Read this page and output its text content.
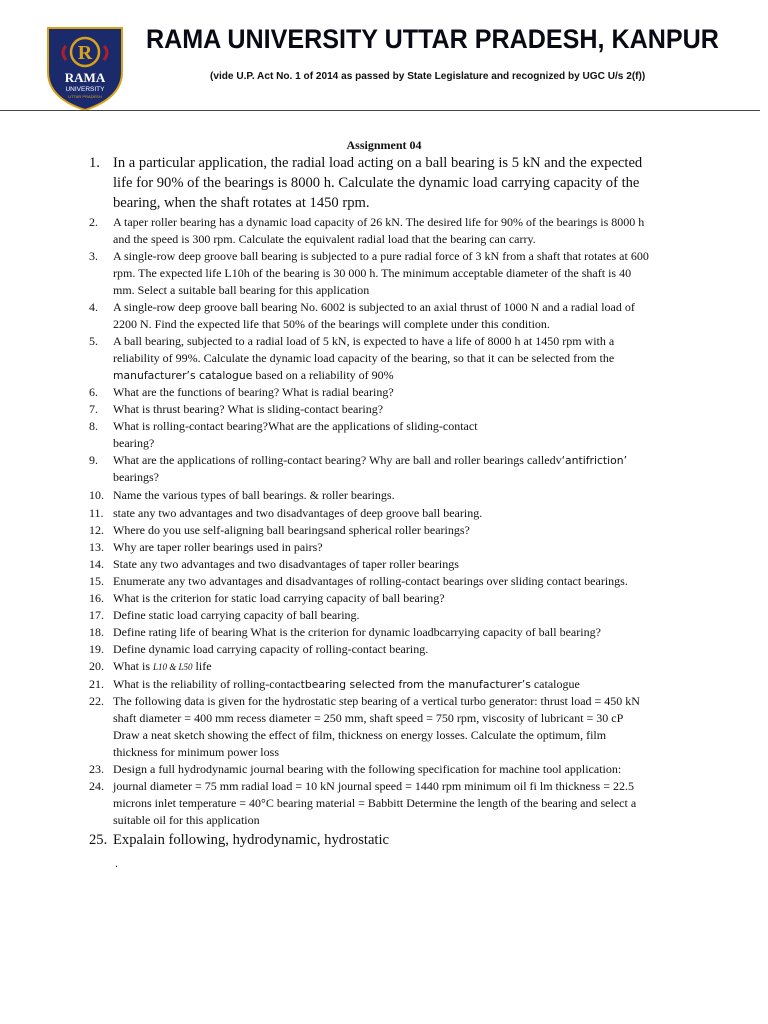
R
RAMA
UNIVERSITY
UTTAR PRADESH
RAMA UNIVERSITY UTTAR PRADESH, KANPUR
(vide U.P. Act No. 1 of 2014 as passed by State Legislature and recognized by UGC U/s 2(f))
Assignment 04
1. In a particular application, the radial load acting on a ball bearing is 5 kN and the expected
life for 90% of the bearings is 8000 h. Calculate the dynamic load carrying capacity of the
bearing, when the shaft rotates at 1450 rpm.
2.	A taper roller bearing has a dynamic load capacity of 26 kN. The desired life for 90% of the bearings is 8000 h
and the speed is 300 rpm. Calculate the equivalent radial load that the bearing can carry.
3.	A single-row deep groove ball bearing is subjected to a pure radial force of 3 kN from a shaft that rotates at 600
rpm. The expected life L10h of the bearing is 30 000 h. The minimum acceptable diameter of the shaft is 40
mm. Select a suitable ball bearing for this application
4.	A single-row deep groove ball bearing No. 6002 is subjected to an axial thrust of 1000 N and a radial load of
2200 N. Find the expected life that 50% of the bearings will complete under this condition.
5.	A ball bearing, subjected to a radial load of 5 kN, is expected to have a life of 8000 h at 1450 rpm with a
reliability of 99%. Calculate the dynamic load capacity of the bearing, so that it can be selected from the
manufacturer’s catalogue based on a reliability of 90%
6.	What are the functions of bearing? What is radial bearing?
7.	What is thrust bearing? What is sliding-contact bearing?
8.	What is rolling-contact bearing?What are the applications of sliding-contact
bearing?
9.	What are the applications of rolling-contact bearing? Why are ball and roller bearings calledv‘antifriction’
bearings?
10. Name the various types of ball bearings. & roller bearings.
11. state any two advantages and two disadvantages of deep groove ball bearing.
12. Where do you use self-aligning ball bearingsand spherical roller bearings?
13. Why are taper roller bearings used in pairs?
14. State any two advantages and two disadvantages of taper roller bearings
15. Enumerate any two advantages and disadvantages of rolling-contact bearings over sliding contact bearings.
16. What is the criterion for static load carrying capacity of ball bearing?
17. Define static load carrying capacity of ball bearing.
18. Define rating life of bearing What is the criterion for dynamic loadbcarrying capacity of ball bearing?
19. Define dynamic load carrying capacity of rolling-contact bearing.
20. What is L10 & L50 life
21. What is the reliability of rolling-contactbearing selected from the manufacturer’s catalogue
22. The following data is given for the hydrostatic step bearing of a vertical turbo generator: thrust load = 450 kN
shaft diameter = 400 mm recess diameter = 250 mm, shaft speed = 750 rpm, viscosity of lubricant = 30 cP
Draw a neat sketch showing the effect of film, thickness on energy losses. Calculate the optimum, film
thickness for minimum power loss
23. Design a full hydrodynamic journal bearing with the following specification for machine tool application:
24. journal diameter = 75 mm radial load = 10 kN journal speed = 1440 rpm minimum oil fi lm thickness = 22.5
microns inlet temperature = 40°C bearing material = Babbitt Determine the length of the bearing and select a
suitable oil for this application
25. Expalain following, hydrodynamic, hydrostatic
.
